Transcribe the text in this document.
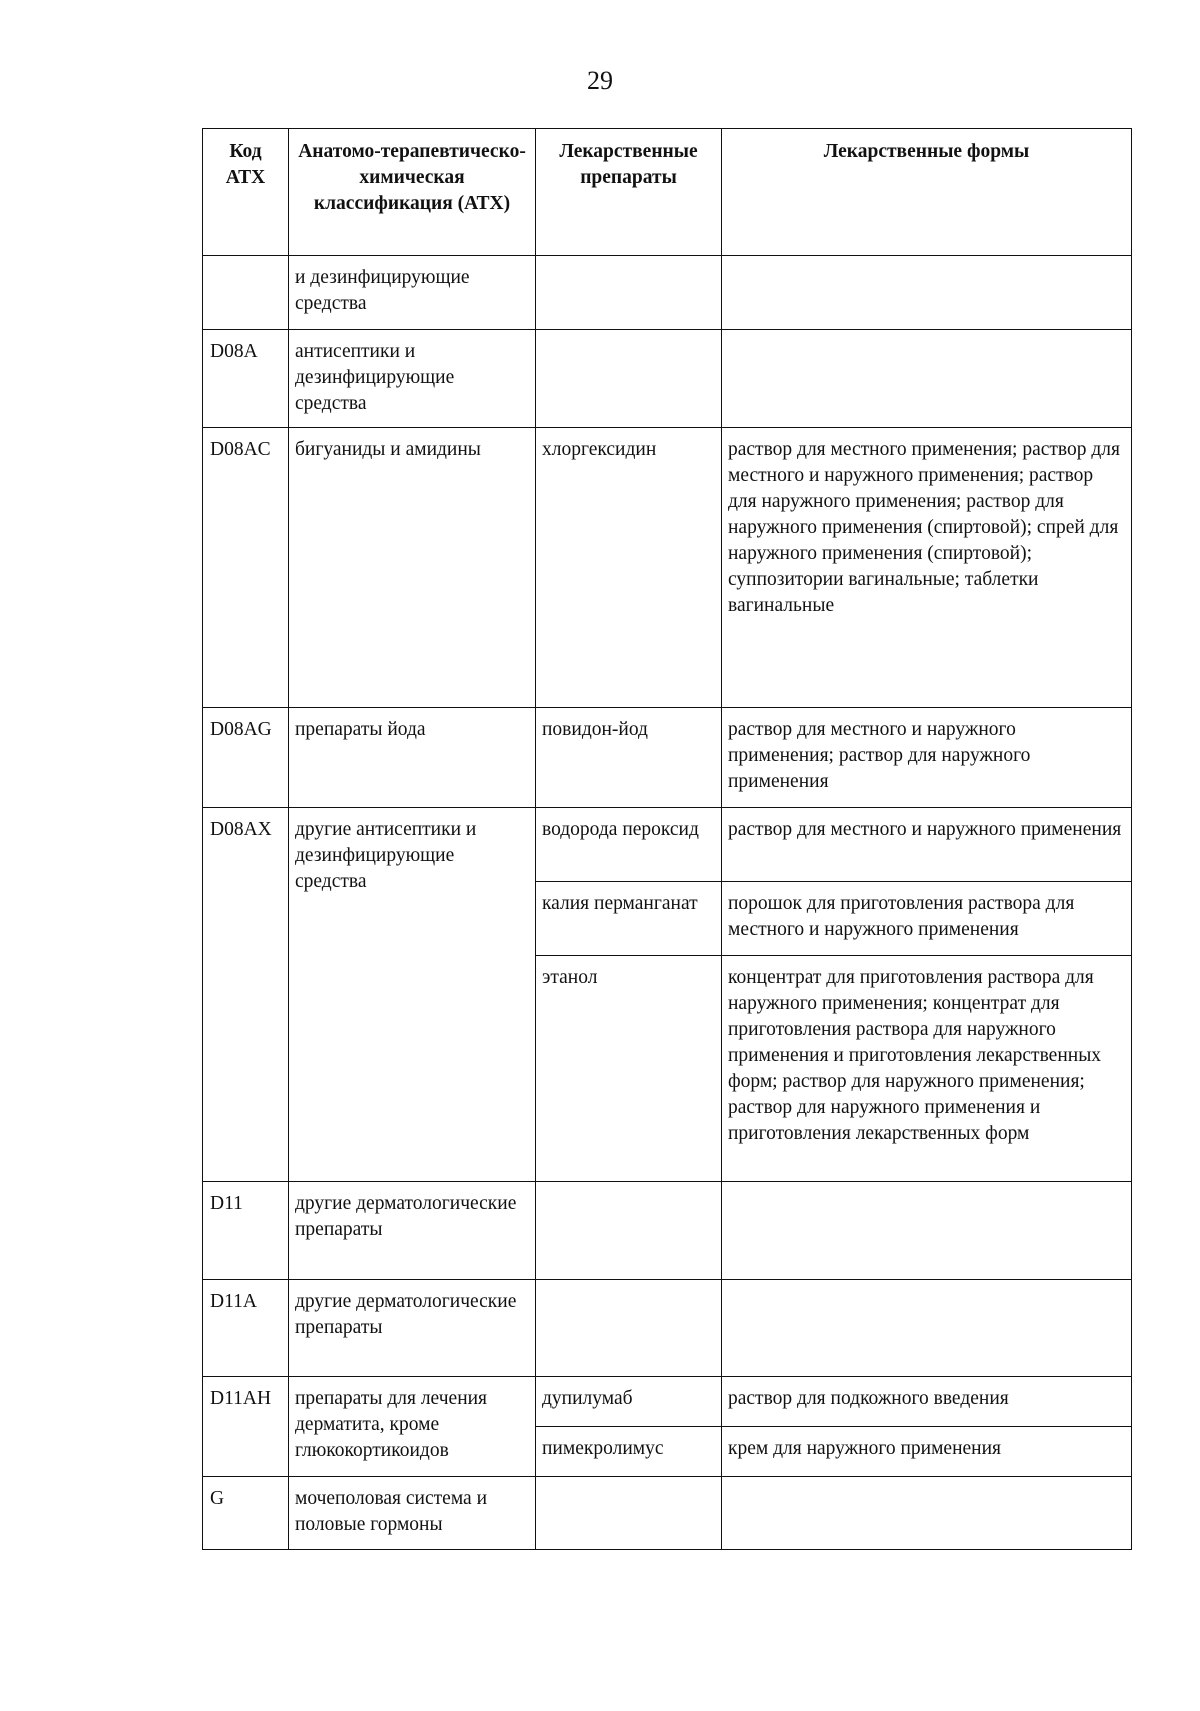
29
Код АТХ	Анатомо-терапевтическо-химическая классификация (АТХ)	Лекарственные препараты	Лекарственные формы
	и дезинфицирующие средства		
D08A	антисептики и дезинфицирующие средства		
D08AC	бигуаниды и амидины	хлоргексидин	раствор для местного применения; раствор для местного и наружного применения; раствор для наружного применения; раствор для наружного применения (спиртовой); спрей для наружного применения (спиртовой); суппозитории вагинальные; таблетки вагинальные
D08AG	препараты йода	повидон-йод	раствор для местного и наружного применения; раствор для наружного применения
D08AX	другие антисептики и дезинфицирующие средства	водорода пероксид	раствор для местного и наружного применения
		калия перманганат	порошок для приготовления раствора для местного и наружного применения
		этанол	концентрат для приготовления раствора для наружного применения; концентрат для приготовления раствора для наружного применения и приготовления лекарственных форм; раствор для наружного применения; раствор для наружного применения и приготовления лекарственных форм
D11	другие дерматологические препараты		
D11A	другие дерматологические препараты		
D11AH	препараты для лечения дерматита, кроме глюкокортикоидов	дупилумаб	раствор для подкожного введения
		пимекролимус	крем для наружного применения
G	мочеполовая система и половые гормоны		
